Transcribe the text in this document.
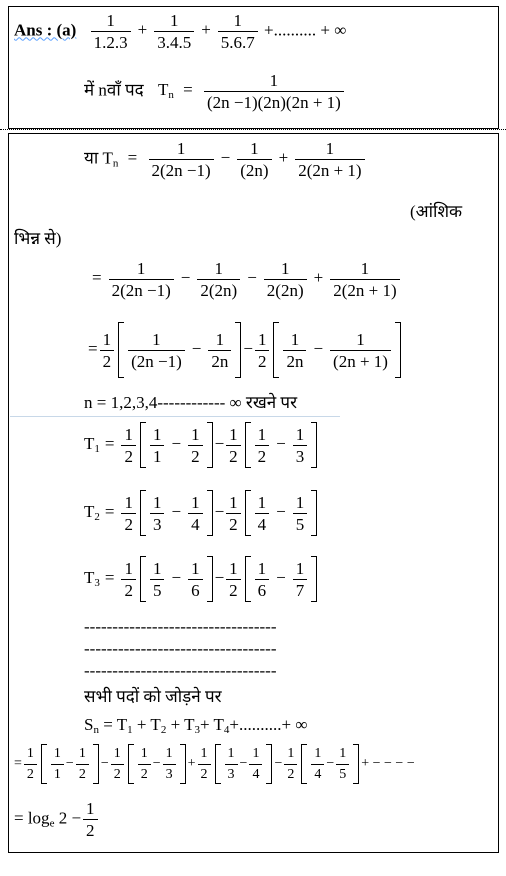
Ans : $(a) \frac{1}{1.2.3} + \frac{1}{3.4.5} + \frac{1}{5.6.7}$ +.......... + ∞
में nवाँ पद $T_n = \frac{1}{(2n -1)(2n)(2n + 1)}$
या $T_n = \frac{1}{2(2n -1)} - \frac{1}{(2n)} + \frac{1}{2(2n + 1)}$
(आंशिक
भिन्न से)
= $\frac{1}{2(2n -1)} - \frac{1}{2(2n)} - \frac{1}{2(2n)} + \frac{1}{2(2n + 1)}$
= $\frac{1}{2} \frac{1}{(2n -1)} - \frac{1}{2n} - \frac{1}{2} \frac{1}{2n} - \frac{1}{(2n + 1)}$
n = 1,2,3,4------------ ∞ रखने पर
$T_1 = \frac{1}{2} \frac{1}{1} - \frac{1}{2} - \frac{1}{2} \frac{1}{2} - \frac{1}{3}$
$T_2 = \frac{1}{2} \frac{1}{3} - \frac{1}{4} - \frac{1}{2} \frac{1}{4} - \frac{1}{5}$
$T_3 = \frac{1}{2} \frac{1}{5} - \frac{1}{6} - \frac{1}{2} \frac{1}{6} - \frac{1}{7}$
----------------------------------
----------------------------------
----------------------------------
सभी पदों को जोड़ने पर
$S_n = T_1 + T_2 + T_3+ T_4+..........+$ ∞
= $\frac{1}{2} \frac{1}{1} - \frac{1}{2} - \frac{1}{2} \frac{1}{2} - \frac{1}{3} + \frac{1}{2} \frac{1}{3} - \frac{1}{4} - \frac{1}{2} \frac{1}{4} - \frac{1}{5}$ + − − − −
= $\log_e 2 - \frac{1}{2}$
